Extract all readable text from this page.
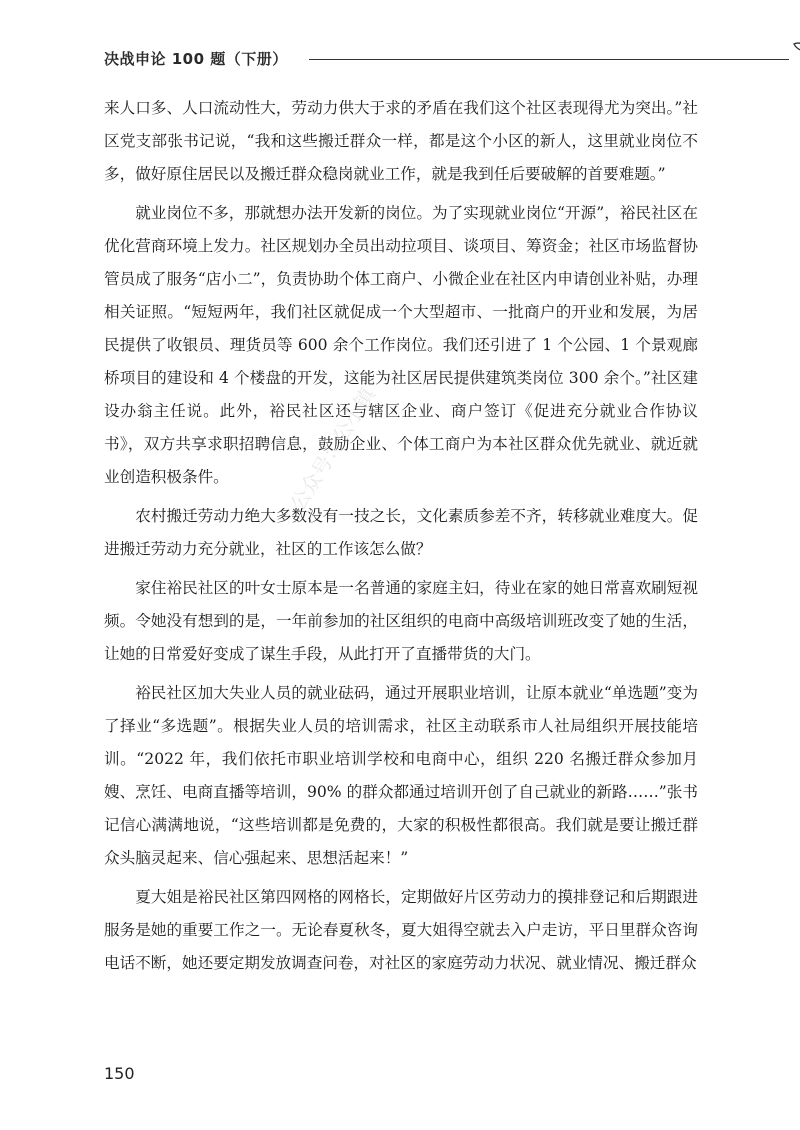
决战申论 100 题（下册）

来人口多、人口流动性大，劳动力供大于求的矛盾在我们这个社区表现得尤为突出。”社区党支部张书记说，“我和这些搬迁群众一样，都是这个小区的新人，这里就业岗位不多，做好原住居民以及搬迁群众稳岗就业工作，就是我到任后要破解的首要难题。”

就业岗位不多，那就想办法开发新的岗位。为了实现就业岗位“开源”，裕民社区在优化营商环境上发力。社区规划办全员出动拉项目、谈项目、筹资金；社区市场监督协管员成了服务“店小二”，负责协助个体工商户、小微企业在社区内申请创业补贴，办理相关证照。“短短两年，我们社区就促成一个大型超市、一批商户的开业和发展，为居民提供了收银员、理货员等 600 余个工作岗位。我们还引进了 1 个公园、1 个景观廊桥项目的建设和 4 个楼盘的开发，这能为社区居民提供建筑类岗位 300 余个。”社区建设办翁主任说。此外，裕民社区还与辖区企业、商户签订《促进充分就业合作协议书》，双方共享求职招聘信息，鼓励企业、个体工商户为本社区群众优先就业、就近就业创造积极条件。

农村搬迁劳动力绝大多数没有一技之长，文化素质参差不齐，转移就业难度大。促进搬迁劳动力充分就业，社区的工作该怎么做？

家住裕民社区的叶女士原本是一名普通的家庭主妇，待业在家的她日常喜欢刷短视频。令她没有想到的是，一年前参加的社区组织的电商中高级培训班改变了她的生活，让她的日常爱好变成了谋生手段，从此打开了直播带货的大门。

裕民社区加大失业人员的就业砝码，通过开展职业培训，让原本就业“单选题”变为了择业“多选题”。根据失业人员的培训需求，社区主动联系市人社局组织开展技能培训。“2022 年，我们依托市职业培训学校和电商中心，组织 220 名搬迁群众参加月嫂、烹饪、电商直播等培训，90% 的群众都通过培训开创了自己就业的新路……”张书记信心满满地说，“这些培训都是免费的，大家的积极性都很高。我们就是要让搬迁群众头脑灵起来、信心强起来、思想活起来！”

夏大姐是裕民社区第四网格的网格长，定期做好片区劳动力的摸排登记和后期跟进服务是她的重要工作之一。无论春夏秋冬，夏大姐得空就去入户走访，平日里群众咨询电话不断，她还要定期发放调查问卷，对社区的家庭劳动力状况、就业情况、搬迁群众

公众号：公小镇
150
